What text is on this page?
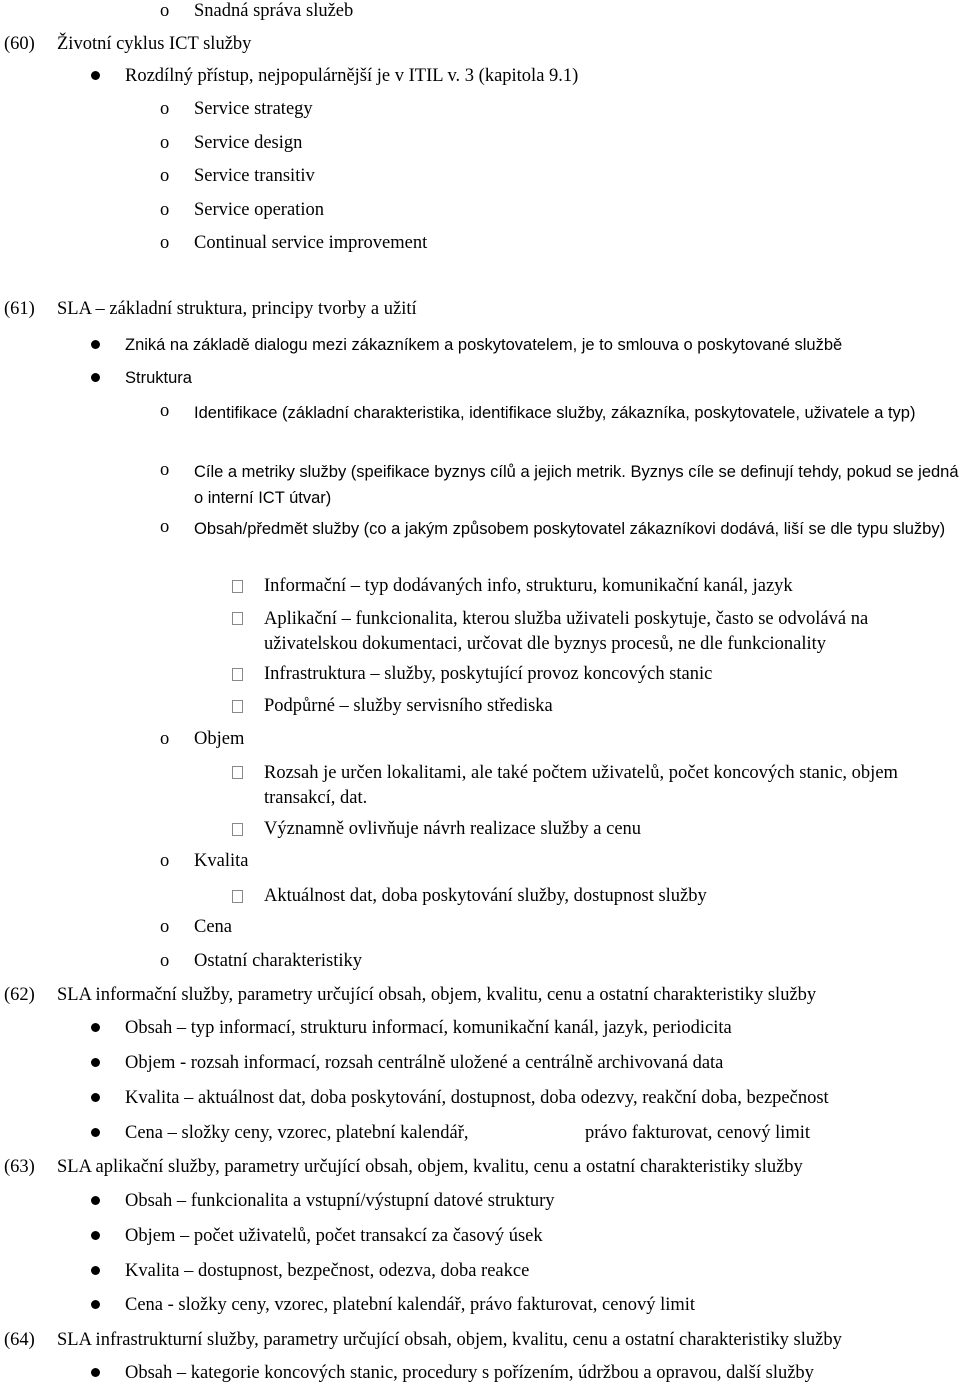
o Snadná správa služeb
(60) Životní cyklus ICT služby
Rozdílný přístup, nejpopulárnější je v ITIL v. 3 (kapitola 9.1)
o Service strategy
o Service design
o Service transitiv
o Service operation
o Continual service improvement
(61) SLA – základní struktura, principy tvorby a užití
Zniká na základě dialogu mezi zákazníkem a poskytovatelem, je to smlouva o poskytované službě
Struktura
o Identifikace (základní charakteristika, identifikace služby, zákazníka, poskytovatele, uživatele a typ)
o Cíle a metriky služby (speifikace byznys cílů a jejich metrik. Byznys cíle se definují tehdy, pokud se jedná o interní ICT útvar)
o Obsah/předmět služby (co a jakým způsobem poskytovatel zákazníkovi dodává, liší se dle typu služby)
Informační – typ dodávaných info, strukturu, komunikační kanál, jazyk
Aplikační – funkcionalita, kterou služba uživateli poskytuje, často se odvolává na uživatelskou dokumentaci, určovat dle byznys procesů, ne dle funkcionality
Infrastruktura – služby, poskytující provoz koncových stanic
Podpůrné – služby servisního střediska
o Objem
Rozsah je určen lokalitami, ale také počtem uživatelů, počet koncových stanic, objem transakcí, dat.
Významně ovlivňuje návrh realizace služby a cenu
o Kvalita
Aktuálnost dat, doba poskytování služby, dostupnost služby
o Cena
o Ostatní charakteristiky
(62) SLA informační služby, parametry určující obsah, objem, kvalitu, cenu a ostatní charakteristiky služby
Obsah – typ informací, strukturu informací, komunikační kanál, jazyk, periodicita
Objem - rozsah informací, rozsah centrálně uložené a centrálně archivovaná data
Kvalita – aktuálnost dat, doba poskytování, dostupnost, doba odezvy, reakční doba, bezpečnost
Cena – složky ceny, vzorec, platební kalendář,	právo fakturovat, cenový limit
(63) SLA aplikační služby, parametry určující obsah, objem, kvalitu, cenu a ostatní charakteristiky služby
Obsah – funkcionalita a vstupní/výstupní datové struktury
Objem – počet uživatelů, počet transakcí za časový úsek
Kvalita – dostupnost, bezpečnost, odezva, doba reakce
Cena - složky ceny, vzorec, platební kalendář, právo fakturovat, cenový limit
(64) SLA infrastrukturní služby, parametry určující obsah, objem, kvalitu, cenu a ostatní charakteristiky služby
Obsah – kategorie koncových stanic, procedury s pořízením, údržbou a opravou, další služby
